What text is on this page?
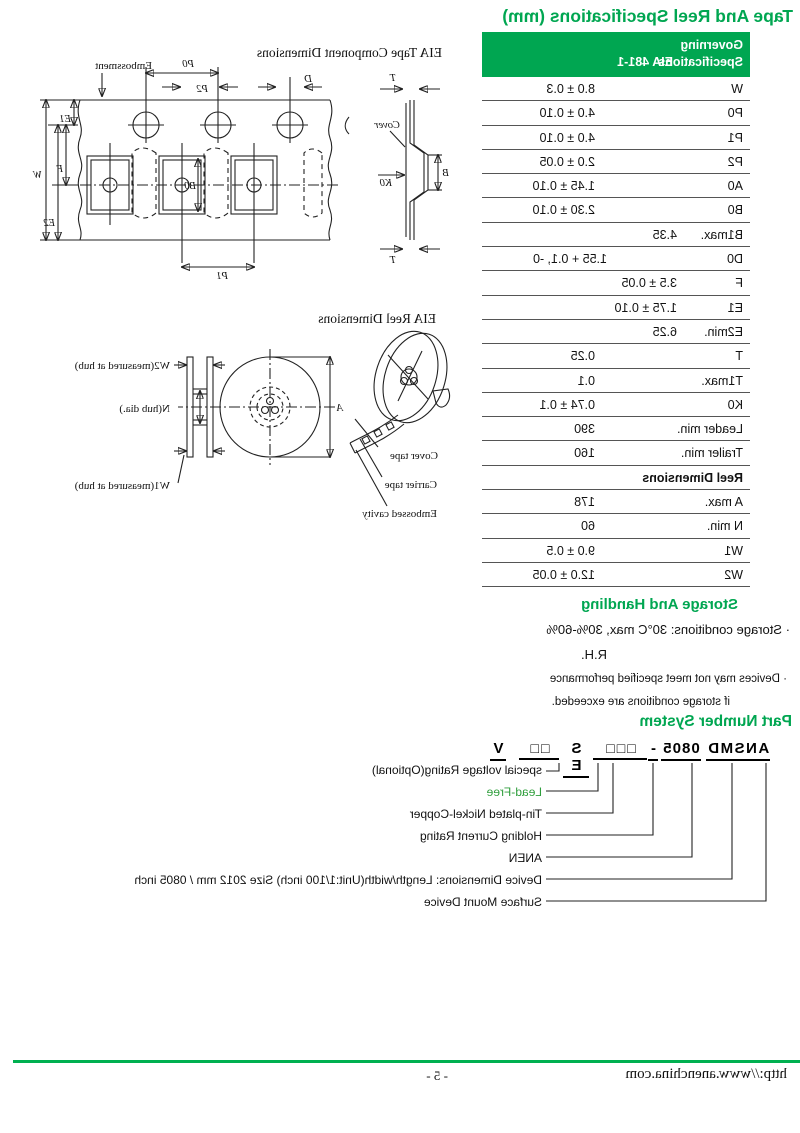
Tape And Reel Specifications (mm)
Governing
Specifications
EIA 481-1
W
8.0 ± 0.3
P0
4.0 ± 0.10
P1
4.0 ± 0.10
P2
2.0 ± 0.05
A0
1.45 ± 0.10
B0
2.30 ± 0.10
B1max.
4.35
D0
1.55 + 0.1, -0
F
3.5 ± 0.05
E1
1.75 ± 0.10
E2min.
6.25
T
0.25
T1max.
0.1
K0
0.74 ± 0.1
Leader min.
390
Trailer min.
160
Reel Dimensions
A max.
178
N min.
60
W1
9.0 ± 0.5
W2
12.0 ± 0.05
EIA Tape Component Dimensions
T
T
B
K0
Cover
P0
P2
D
P1
B0
Embossment
E1
F
E2
W
EIA Reel Dimensions
Cover tape
Carrier tape
Embossed cavity
A
W2(measured at hub)
N(hub dia.)
W1(measured at hub)
Storage And Handling
· Storage conditions: 30°C max, 30%-60%
R.H.
· Devices may not meet specified performance
if storage conditions are exceeded.
Part Number System
ANSMD
0805
-
□□□
S E
□□
V
special voltage Rating(Optional)
Lead-Free
Tin-plated Nickel-Copper
Holding Current Rating
ANEN
Device Dimensions: Length/width(Unit:1/100 inch) Size 2012 mm / 0805 inch
Surface Mount Device
http://www.anenchina.com
- 5 -
